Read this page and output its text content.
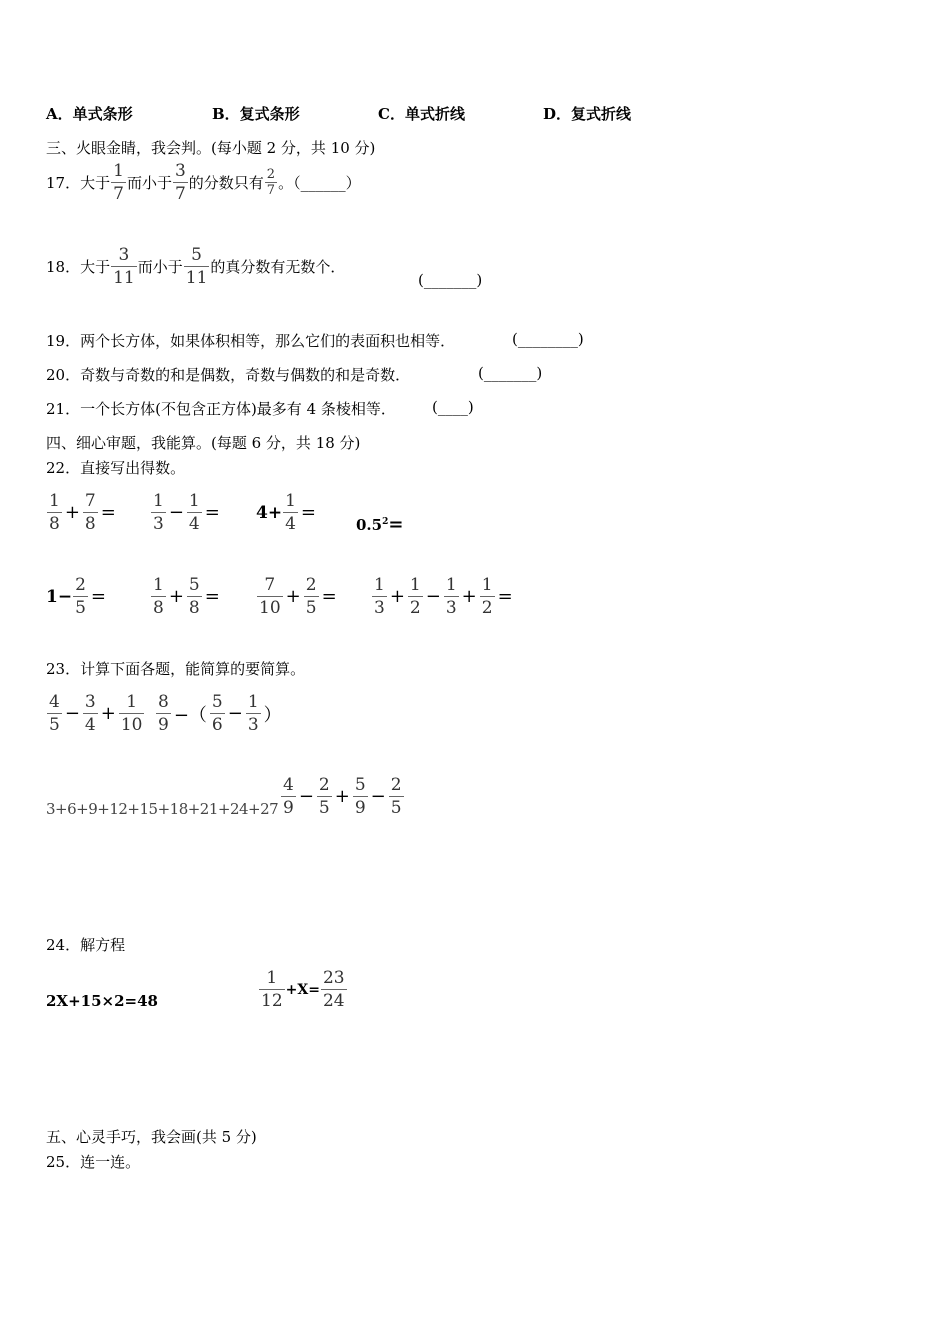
A．单式条形	B．复式条形	C．单式折线	D．复式折线
三、火眼金睛，我会判。(每小题 2 分，共 10 分)
17． 大于 $\frac{1}{7}$ 而小于 $\frac{3}{7}$ 的分数只有 $\frac{2}{7}$ 。（______）
18． 大于 $\frac{3}{11}$ 而小于 $\frac{5}{11}$ 的真分数有无数个．
(_______)
19．两个长方体，如果体积相等，那么它们的表面积也相等．	(________)
20．奇数与奇数的和是偶数，奇数与偶数的和是奇数．	(_______)
21．一个长方体(不包含正方体)最多有 4 条棱相等． (____)
四、细心审题，我能算。(每题 6 分，共 18 分)
22．直接写出得数。
$\frac{1}{8} + \frac{7}{8} = \frac{1}{3} - \frac{1}{4} = 4+ \frac{1}{4}$ =
$0.5^2=$
$1- \frac{2}{5}$ =	$\frac{1}{8} + \frac{5}{8} = \frac{7}{10} + \frac{2}{5} = \frac{1}{3} + \frac{1}{2} - \frac{1}{3} + \frac{1}{2}$ =
23．计算下面各题，能简算的要简算。
$\frac{4}{5} - \frac{3}{4} + \frac{1}{10} \frac{8}{9}$ −（ $\frac{5}{6} - \frac{1}{3}$ ）
$3+6+9+12+15+18+21+24+27 \frac{4}{9} - \frac{2}{5} + \frac{5}{9} - \frac{2}{5}$
24．解方程
2X+15×2=48	$\frac{1}{12} +X= \frac{23}{24}$
五、心灵手巧，我会画(共 5 分)
25．连一连。
